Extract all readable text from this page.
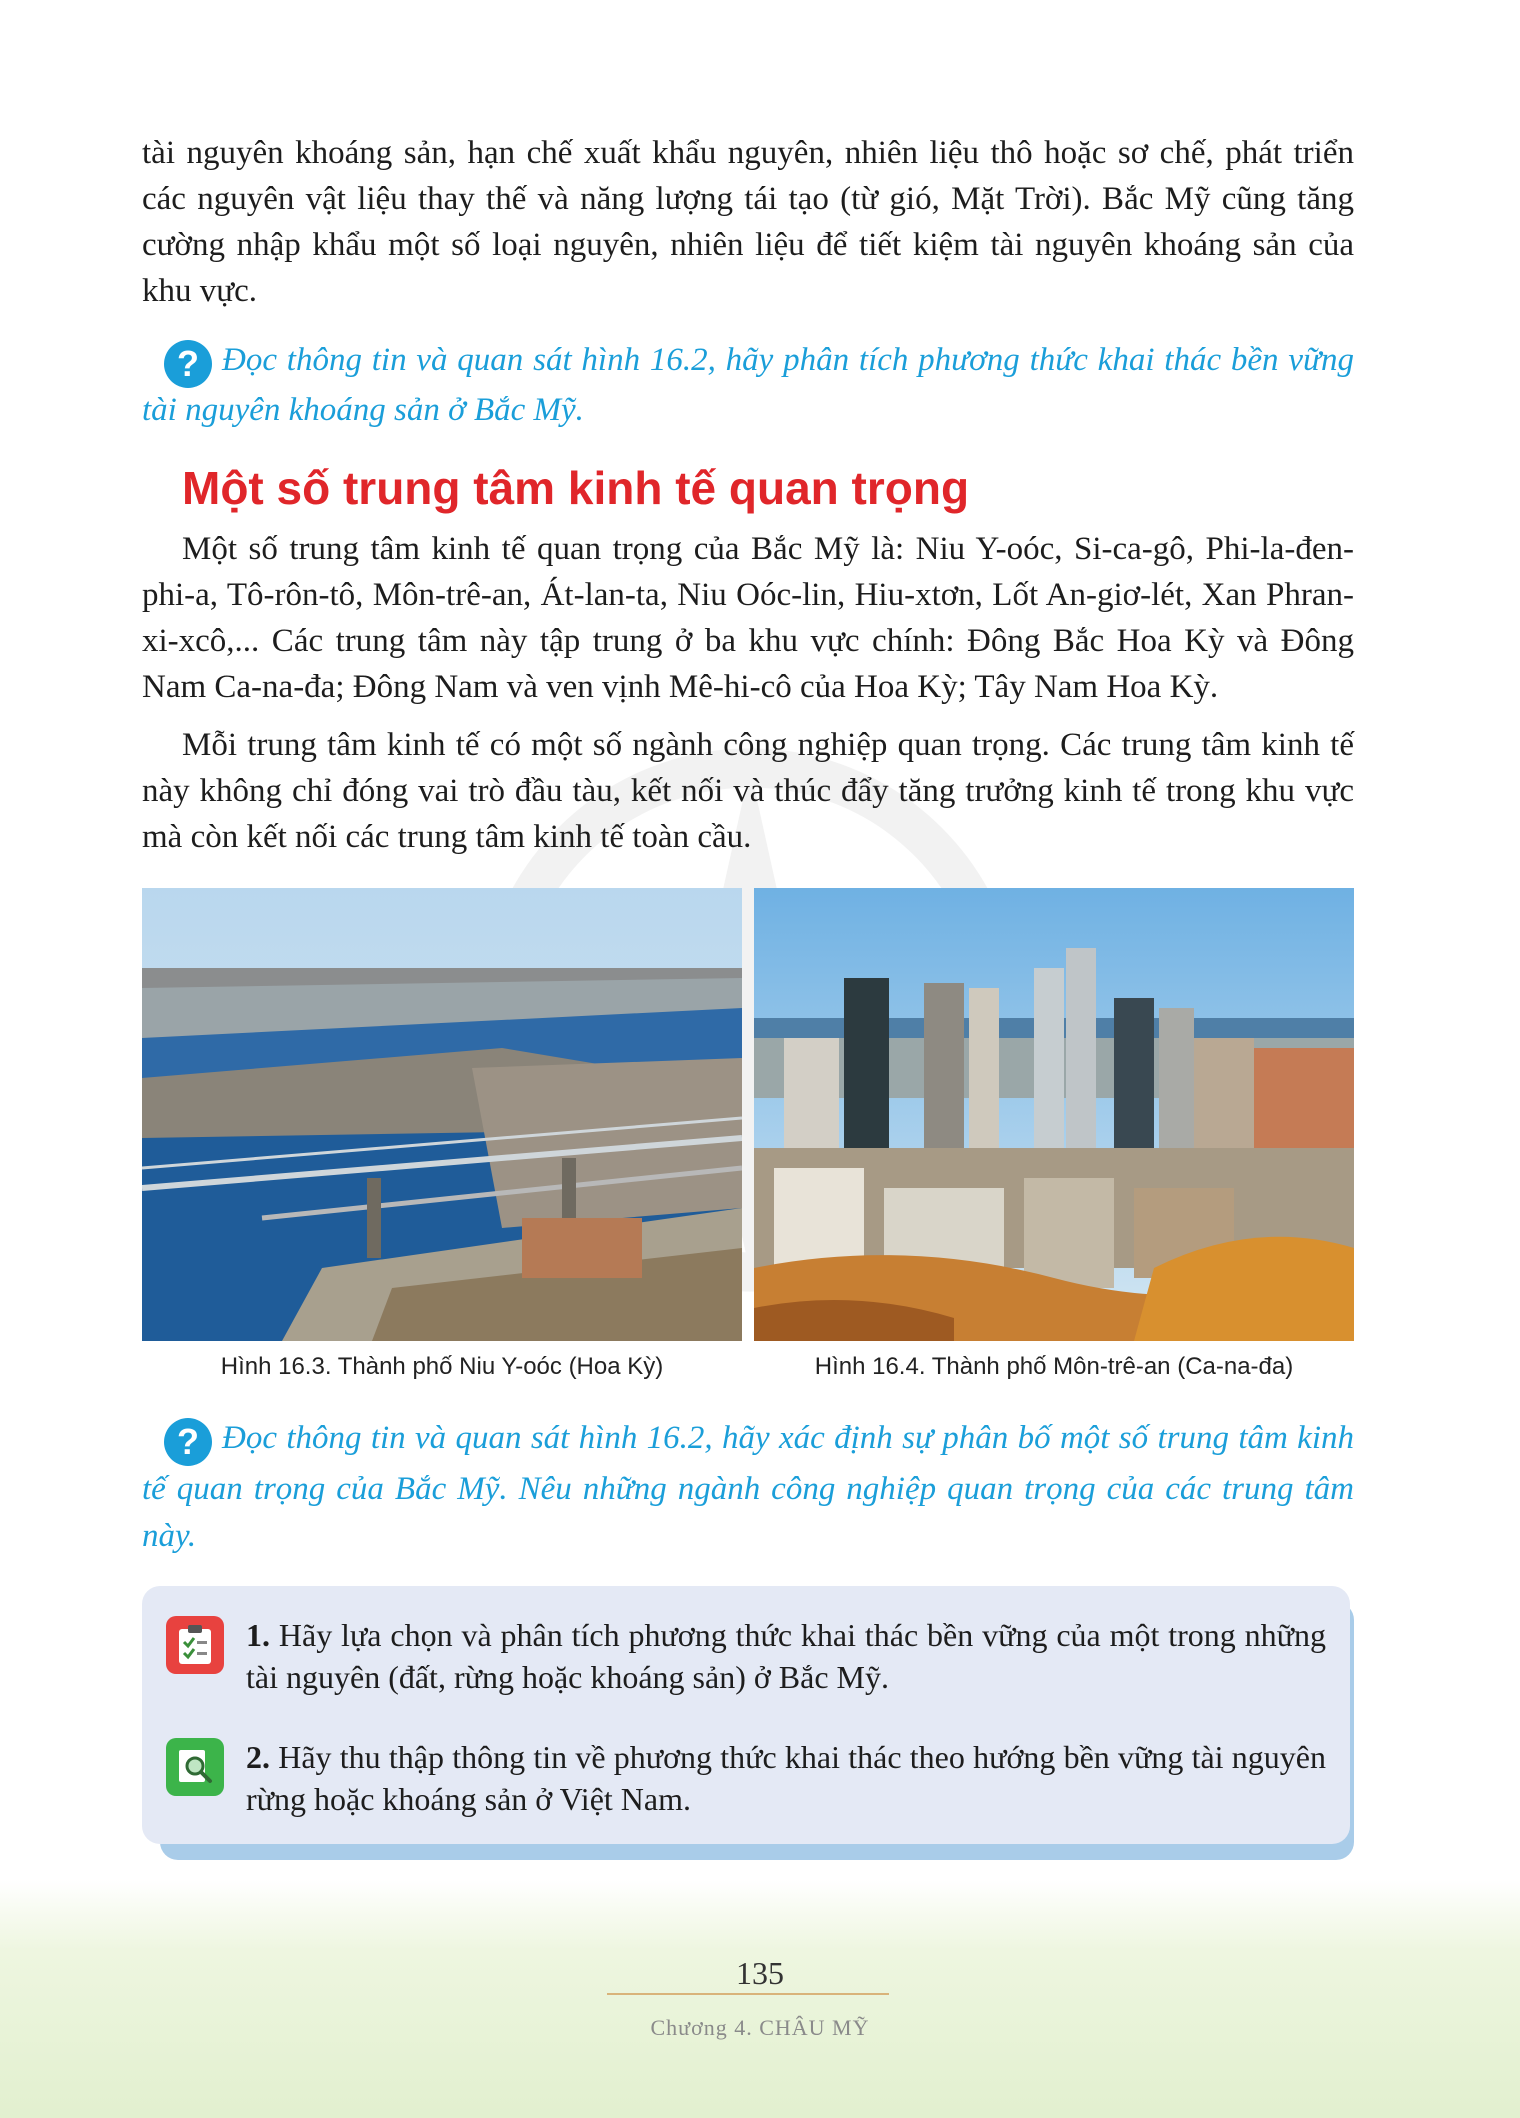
tài nguyên khoáng sản, hạn chế xuất khẩu nguyên, nhiên liệu thô hoặc sơ chế, phát triển các nguyên vật liệu thay thế và năng lượng tái tạo (từ gió, Mặt Trời). Bắc Mỹ cũng tăng cường nhập khẩu một số loại nguyên, nhiên liệu để tiết kiệm tài nguyên khoáng sản của khu vực.

? Đọc thông tin và quan sát hình 16.2, hãy phân tích phương thức khai thác bền vững tài nguyên khoáng sản ở Bắc Mỹ.

Một số trung tâm kinh tế quan trọng

Một số trung tâm kinh tế quan trọng của Bắc Mỹ là: Niu Y-oóc, Si-ca-gô, Phi-la-đen-phi-a, Tô-rôn-tô, Môn-trê-an, Át-lan-ta, Niu Oóc-lin, Hiu-xtơn, Lốt An-giơ-lét, Xan Phran-xi-xcô,... Các trung tâm này tập trung ở ba khu vực chính: Đông Bắc Hoa Kỳ và Đông Nam Ca-na-đa; Đông Nam và ven vịnh Mê-hi-cô của Hoa Kỳ; Tây Nam Hoa Kỳ.

Mỗi trung tâm kinh tế có một số ngành công nghiệp quan trọng. Các trung tâm kinh tế này không chỉ đóng vai trò đầu tàu, kết nối và thúc đẩy tăng trưởng kinh tế trong khu vực mà còn kết nối các trung tâm kinh tế toàn cầu.

Hình 16.3. Thành phố Niu Y-oóc (Hoa Kỳ)	Hình 16.4. Thành phố Môn-trê-an (Ca-na-đa)

? Đọc thông tin và quan sát hình 16.2, hãy xác định sự phân bố một số trung tâm kinh tế quan trọng của Bắc Mỹ. Nêu những ngành công nghiệp quan trọng của các trung tâm này.

1. Hãy lựa chọn và phân tích phương thức khai thác bền vững của một trong những tài nguyên (đất, rừng hoặc khoáng sản) ở Bắc Mỹ.
2. Hãy thu thập thông tin về phương thức khai thác theo hướng bền vững tài nguyên rừng hoặc khoáng sản ở Việt Nam.
135
Chương 4. CHÂU MỸ
